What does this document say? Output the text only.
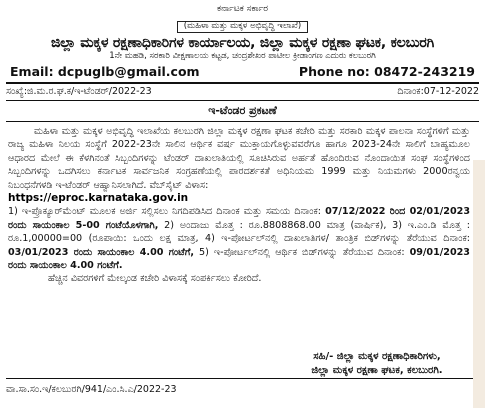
ಕರ್ನಾಟಕ ಸರ್ಕಾರ
(ಮಹಿಳಾ ಮತ್ತು ಮಕ್ಕಳ ಅಭಿವೃದ್ಧಿ ಇಲಾಖೆ)
ಜಿಲ್ಲಾ ಮಕ್ಕಳ ರಕ್ಷಣಾಧಿಕಾರಿಗಳ ಕಾರ್ಯಾಲಯ, ಜಿಲ್ಲಾ ಮಕ್ಕಳ ರಕ್ಷಣಾ ಘಟಕ, ಕಲಬುರಗಿ
1ನೇ ಮಹಡಿ, ಸರಕಾರಿ ವೀಕ್ಷಣಾಲಯ ಕಟ್ಟಡ, ಚಂದ್ರಶೇಖರ ಪಾಟೀಲ ಕ್ರೀಡಾಂಗಣ ಎದುರು ಕಲಬುರಗಿ
Email: dcpuglb@gmail.com	Phone no: 08472-243219
ಸಂಖ್ಯೆ:ಜಿ.ಮ.ರ.ಘ.ಕ/ಇ-ಟೆಂಡರ್/2022-23	ದಿನಾಂಕ:07-12-2022
ಇ-ಟೆಂಡರ ಪ್ರಕಟಣೆ

ಮಹಿಳಾ ಮತ್ತು ಮಕ್ಕಳ ಅಭಿವೃದ್ಧಿ ಇಲಾಖೆಯ ಕಲಬುರಗಿ ಜಿಲ್ಲಾ ಮಕ್ಕಳ ರಕ್ಷಣಾ ಘಟಕ ಕಚೇರಿ ಮತ್ತು ಸರಕಾರಿ ಮಕ್ಕಳ ಪಾಲನಾ ಸಂಸ್ಥೆಗಳಿಗೆ ಮತ್ತು ರಾಜ್ಯ ಮಹಿಳಾ ನಿಲಯ ಸಂಸ್ಥೆಗೆ 2022-23ನೇ ಸಾಲಿನ ಆರ್ಥಿಕ ವರ್ಷ ಮುಕ್ತಾಯಗೊಳ್ಳುವವರೆಗೂ ಹಾಗೂ 2023-24ನೇ ಸಾಲಿಗೆ ಬಾಹ್ಯಮೂಲ ಆಧಾರದ ಮೇಲೆ ಈ ಕೆಳಗಿನಂತೆ ಸಿಬ್ಬಂದಿಗಳನ್ನು ಟೆಂಡರ್ ದಾಖಲಾತಿಯಲ್ಲಿ ಸೂಚಿಸಿರುವ ಅರ್ಹತೆ ಹೊಂದಿರುವ ನೊಂದಾಯಿತ ಸಂಘ ಸಂಸ್ಥೆಗಳಿಂದ ಸಿಬ್ಬಂದಿಗಳನ್ನು ಒದಗಿಸಲು ಕರ್ನಾಟಕ ಸಾರ್ವಜನಿಕ ಸಂಗ್ರಹಣೆಯಲ್ಲಿ ಪಾರದರ್ಶಕತೆ ಅಧಿನಿಯಮ 1999 ಮತ್ತು ನಿಯಮಗಳು 2000ರನ್ವಯ ನಿಬಂಧನೆಗಳಡಿ ಇ-ಟೆಂಡರ್ ಆಹ್ವಾನಿಸಲಾಗಿದೆ. ವೆಬ್‌ಸೈಟ್ ವಿಳಾಸ:

https://eproc.karnataka.gov.in

1) ಇ-ಪ್ರೊಕ್ಯೂರ್‌ಮೆಂಟ್ ಮೂಲಕ ಅರ್ಜಿ ಸಲ್ಲಿಸಲು ನಿಗದಿಪಡಿಸಿದ ದಿನಾಂಕ ಮತ್ತು ಸಮಯ ದಿನಾಂಕ: 07/12/2022 ರಿಂದ 02/01/2023 ರಂದು ಸಾಯಂಕಾಲ 5-00 ಗಂಟೆಯೊಳಗಾಗಿ, 2) ಅಂದಾಜು ಮೊತ್ತ : ರೂ.8808868.00 ಮಾತ್ರ (ವಾರ್ಷಿಕ), 3) ಇ.ಎಂ.ಡಿ ಮೊತ್ತ : ರೂ.1,00000=00 (ರೂಪಾಯಿ: ಒಂದು ಲಕ್ಷ ಮಾತ್ರ, 4) ಇ-ಪೋರ್ಟಲ್‌ನಲ್ಲಿ ದಾಖಲಾತಿಗಳ/ ತಾಂತ್ರಿಕ ಬಿಡ್‌ಗಳನ್ನು ತೆರೆಯುವ ದಿನಾಂಕ: 03/01/2023 ರಂದು ಸಾಯಂಕಾಲ 4.00 ಗಂಟೆಗೆ, 5) ಇ-ಪೋರ್ಟಲ್‌ನಲ್ಲಿ ಆರ್ಥಿಕ ಬಿಡ್‌ಗಳನ್ನು ತೆರೆಯುವ ದಿನಾಂಕ: 09/01/2023 ರಂದು ಸಾಯಂಕಾಲ 4.00 ಗಂಟೆಗೆ.

ಹೆಚ್ಚಿನ ವಿವರಗಳಿಗೆ ಮೇಲ್ಕಂಡ ಕಚೇರಿ ವಿಳಾಸಕ್ಕೆ ಸಂಪರ್ಕಿಸಲು ಕೋರಿದೆ.

ಸಹಿ/- ಜಿಲ್ಲಾ ಮಕ್ಕಳ ರಕ್ಷಣಾಧಿಕಾರಿಗಳು,
ಜಿಲ್ಲಾ ಮಕ್ಕಳ ರಕ್ಷಣಾ ಘಟಕ, ಕಲಬುರಗಿ.
ವಾ.ಸಾ.ಸಂ.ಇ/ಕಲಬುರಗಿ/941/ಎಂ.ಸಿ.ಎ/2022-23
